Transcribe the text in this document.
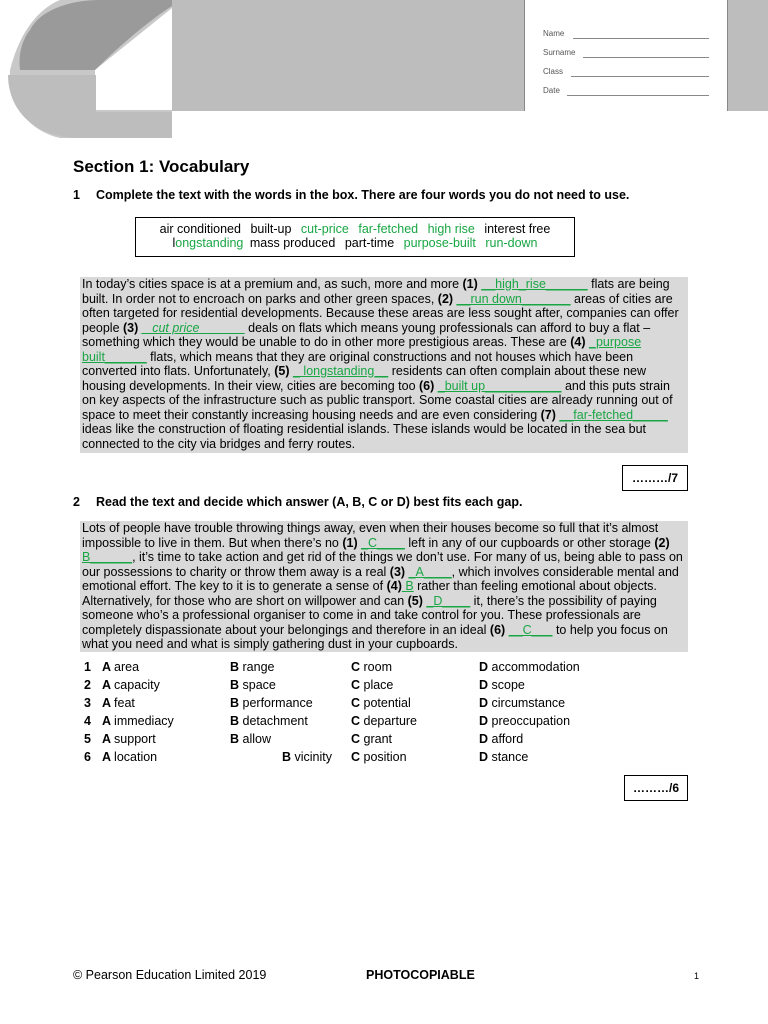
Name
Surname
Class
Date
Section 1: Vocabulary
1 Complete the text with the words in the box. There are four words you do not need to use.
air conditioned built-up cut-price far-fetched high rise interest free
longstanding mass produced part-time purpose-built run-down

In today’s cities space is at a premium and, as such, more and more (1) __high_rise______ flats are being built. In order not to encroach on parks and other green spaces, (2) __run down_______ areas of cities are often targeted for residential developments. Because these areas are less sought after, companies can offer people (3) _ cut price ______ deals on flats which means young professionals can afford to buy a flat – something which they would be unable to do in other more prestigious areas. These are (4) _purpose built______ flats, which means that they are original constructions and not houses which have been converted into flats. Unfortunately, (5) _ longstanding__ residents can often complain about these new housing developments. In their view, cities are becoming too (6) _built up___________ and this puts strain on key aspects of the infrastructure such as public transport. Some coastal cities are already running out of space to meet their constantly increasing housing needs and are even considering (7) __far-fetched_____ ideas like the construction of floating residential islands. These islands would be located in the sea but connected to the city via bridges and ferry routes.

………/7
2 Read the text and decide which answer (A, B, C or D) best fits each gap.

Lots of people have trouble throwing things away, even when their houses become so full that it’s almost impossible to live in them. But when there’s no (1) _C____ left in any of our cupboards or other storage (2) B______, it’s time to take action and get rid of the things we don’t use. For many of us, being able to pass on our possessions to charity or throw them away is a real (3) _A____, which involves considerable mental and emotional effort. The key to it is to generate a sense of (4) B rather than feeling emotional about objects. Alternatively, for those who are short on willpower and can (5) _D____ it, there’s the possibility of paying someone who’s a professional organiser to come in and take control for you. These professionals are completely dispassionate about your belongings and therefore in an ideal (6) __C___ to help you focus on what you need and what is simply gathering dust in your cupboards.

1 A area	B range	C room	D accommodation
2 A capacity	B space	C place	D scope
3 A feat	B performance	C potential	D circumstance
4 A immediacy	B detachment	C departure	D preoccupation
5 A support	B allow	C grant	D afford
6 A location	B vicinity C position	D stance
………/6
© Pearson Education Limited 2019	PHOTOCOPIABLE	1
